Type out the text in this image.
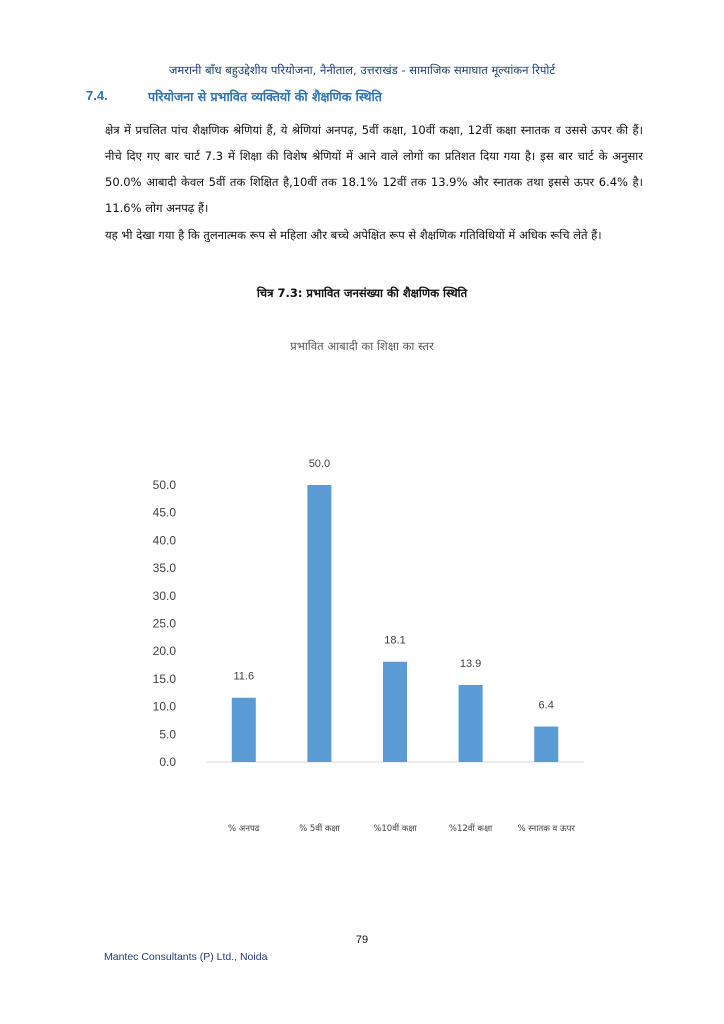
जमरानी बाँध बहुउद्देशीय परियोजना, नैनीताल, उत्तराखंड - सामाजिक समाघात मूल्यांकन रिपोर्ट
7.4.	परियोजना से प्रभावित व्यक्तियों की शैक्षणिक स्थिति

क्षेत्र में प्रचलित पांच शैक्षणिक श्रेणियां हैं, ये श्रेणियां अनपढ़, 5वीं कक्षा, 10वीं कक्षा, 12वीं कक्षा स्नातक व उससे ऊपर की हैं। नीचे दिए गए बार चार्ट 7.3 में शिक्षा की विशेष श्रेणियों में आने वाले लोगों का प्रतिशत दिया गया है। इस बार चार्ट के अनुसार 50.0% आबादी केवल 5वीं तक शिक्षित है,10वीं तक 18.1% 12वीं तक 13.9% और स्नातक तथा इससे ऊपर 6.4% है। 11.6% लोग अनपढ़ हैं।

यह भी देखा गया है कि तुलनात्मक रूप से महिला और बच्चे अपेक्षित रूप से शैक्षणिक गतिविधियों में अधिक रूचि लेते हैं।

चित्र 7.3: प्रभावित जनसंख्या की शैक्षणिक स्थिति
प्रभावित आबादी का शिक्षा का स्तर
0.0
5.0
10.0
15.0
20.0
25.0
30.0
35.0
40.0
45.0
50.0
11.6
50.0
18.1
13.9
6.4
% अनपढ	% 5वीं कक्षा	%10वीं कक्षा	%12वीं कक्षा	% स्नातक व ऊपर
79
Mantec Consultants (P) Ltd., Noida
